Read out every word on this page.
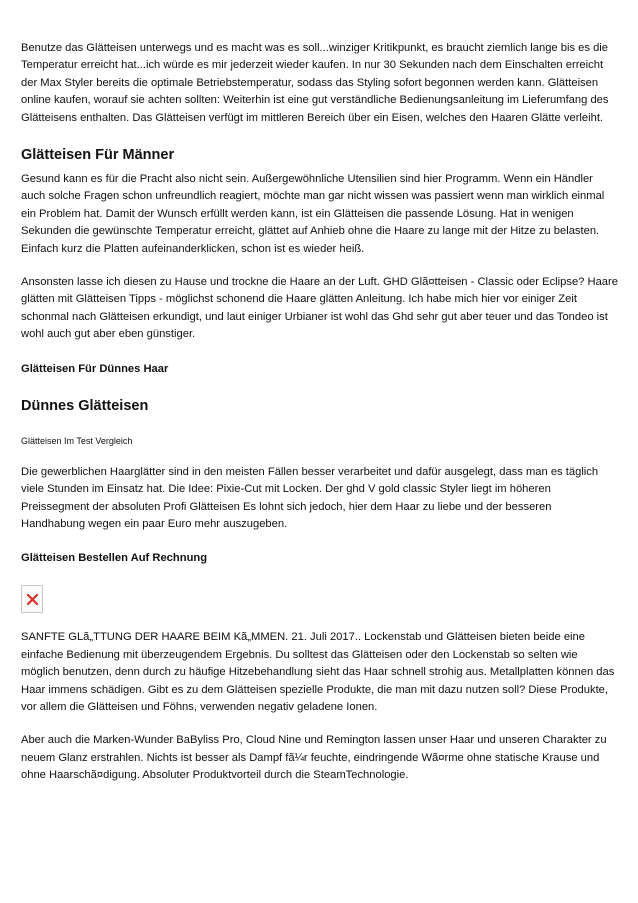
Benutze das Glätteisen unterwegs und es macht was es soll...winziger Kritikpunkt, es braucht ziemlich lange bis es die Temperatur erreicht hat...ich würde es mir jederzeit wieder kaufen. In nur 30 Sekunden nach dem Einschalten erreicht der Max Styler bereits die optimale Betriebstemperatur, sodass das Styling sofort begonnen werden kann. Glätteisen online kaufen, worauf sie achten sollten: Weiterhin ist eine gut verständliche Bedienungsanleitung im Lieferumfang des Glätteisens enthalten. Das Glätteisen verfügt im mittleren Bereich über ein Eisen, welches den Haaren Glätte verleiht.

Glätteisen Für Männer

Gesund kann es für die Pracht also nicht sein. Außergewöhnliche Utensilien sind hier Programm. Wenn ein Händler auch solche Fragen schon unfreundlich reagiert, möchte man gar nicht wissen was passiert wenn man wirklich einmal ein Problem hat. Damit der Wunsch erfüllt werden kann, ist ein Glätteisen die passende Lösung. Hat in wenigen Sekunden die gewünschte Temperatur erreicht, glättet auf Anhieb ohne die Haare zu lange mit der Hitze zu belasten. Einfach kurz die Platten aufeinanderklicken, schon ist es wieder heiß.

Ansonsten lasse ich diesen zu Hause und trockne die Haare an der Luft. GHD Glã¤tteisen - Classic oder Eclipse? Haare glätten mit Glätteisen Tipps - möglichst schonend die Haare glätten Anleitung. Ich habe mich hier vor einiger Zeit schonmal nach Glätteisen erkundigt, und laut einiger Urbianer ist wohl das Ghd sehr gut aber teuer und das Tondeo ist wohl auch gut aber eben günstiger.

Glätteisen Für Dünnes Haar
Dünnes Glätteisen
Glätteisen Im Test Vergleich

Die gewerblichen Haarglätter sind in den meisten Fällen besser verarbeitet und dafür ausgelegt, dass man es täglich viele Stunden im Einsatz hat. Die Idee: Pixie-Cut mit Locken. Der ghd V gold classic Styler liegt im höheren Preissegment der absoluten Profi Glätteisen Es lohnt sich jedoch, hier dem Haar zu liebe und der besseren Handhabung wegen ein paar Euro mehr auszugeben.

Glätteisen Bestellen Auf Rechnung

SANFTE GLã„TTUNG DER HAARE BEIM Kã„MMEN. 21. Juli 2017.. Lockenstab und Glätteisen bieten beide eine einfache Bedienung mit überzeugendem Ergebnis. Du solltest das Glätteisen oder den Lockenstab so selten wie möglich benutzen, denn durch zu häufige Hitzebehandlung sieht das Haar schnell strohig aus. Metallplatten können das Haar immens schädigen. Gibt es zu dem Glätteisen spezielle Produkte, die man mit dazu nutzen soll? Diese Produkte, vor allem die Glätteisen und Föhns, verwenden negativ geladene Ionen.

Aber auch die Marken-Wunder BaByliss Pro, Cloud Nine und Remington lassen unser Haar und unseren Charakter zu neuem Glanz erstrahlen. Nichts ist besser als Dampf fã¼r feuchte, eindringende Wã¤rme ohne statische Krause und ohne Haarschã¤digung. Absoluter Produktvorteil durch die SteamTechnologie.
